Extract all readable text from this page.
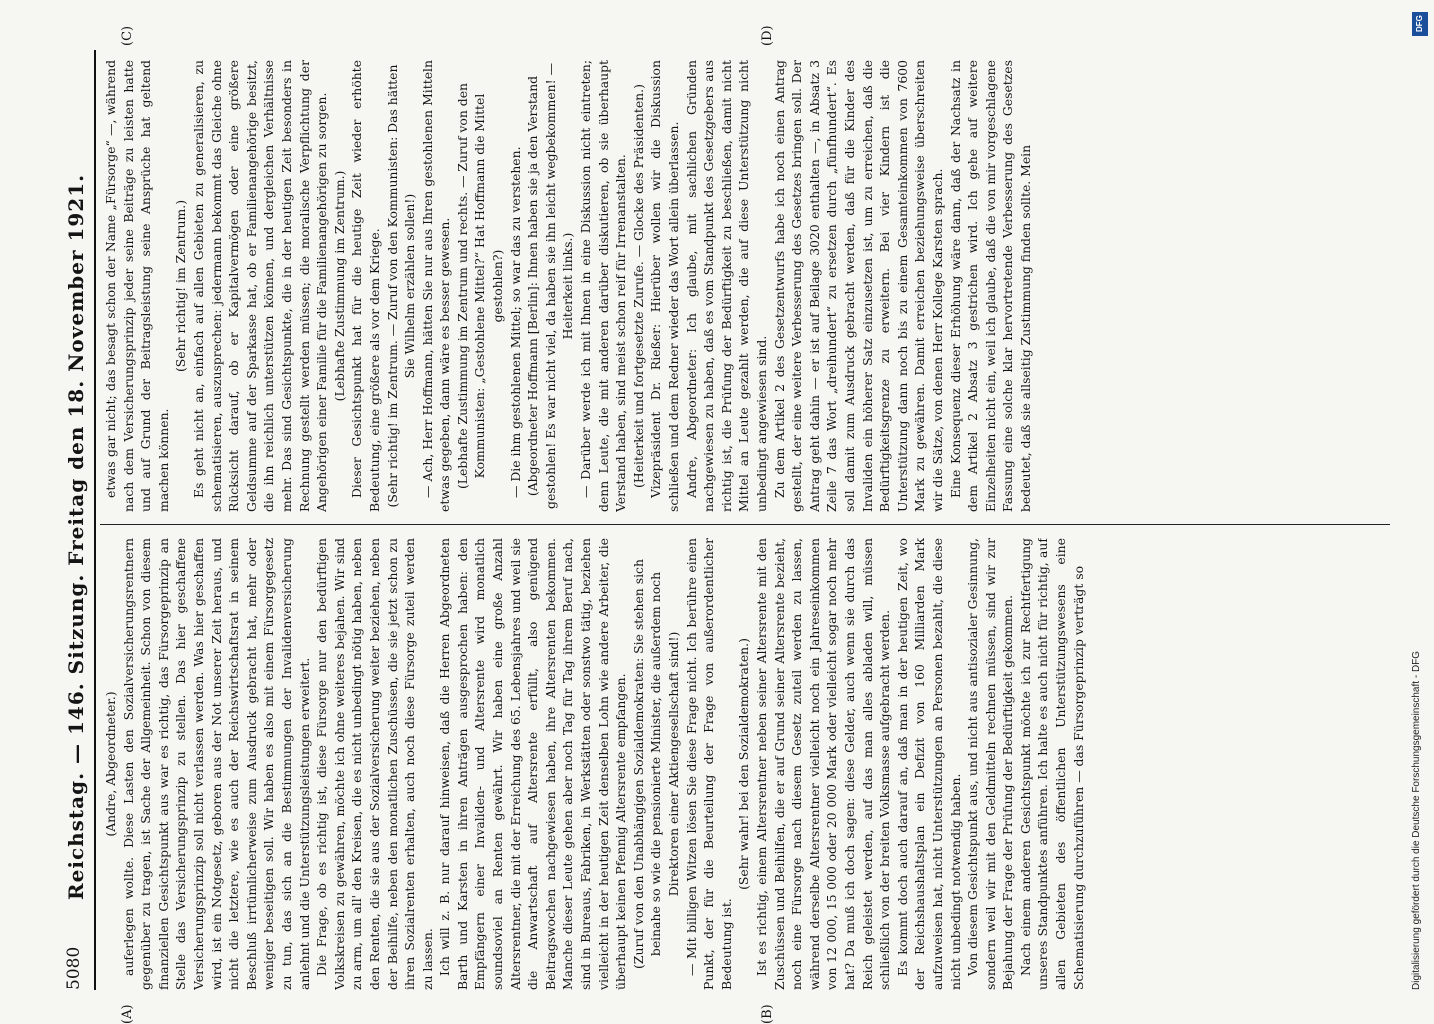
5080
Reichstag. — 146. Sitzung. Freitag den 18. November 1921. (Andre, Abgeordneter.) auferlegen wollte. Diese Lasten den Sozialversicherungsrentnern gegenüber zu tragen, ist Sache der Allgemeinheit. Schon von diesem finanziellen Gesichtspunkt aus war es richtig, das Fürsorgeprinzip an Stelle das Versicherungsprinzip zu stellen. Das hier geschaffene Versicherungsprinzip soll nicht verlassen werden. Was hier geschaffen wird, ist ein Notgesetz, geboren aus der Not unserer Zeit heraus, und nicht die letztere, wie es auch der Reichswirtschaftsrat in seinem Beschluß irrtümlicherweise zum Ausdruck gebracht hat, mehr oder weniger beseitigen soll. Wir haben es also mit einem Fürsorgegesetz zu tun, das sich an die Bestimmungen der Invalidenversicherung anlehnt und die Unterstützungsleistungen erweitert. Die Frage, ob es richtig ist, diese Fürsorge nur den bedürftigen Volkskreisen zu gewähren, möchte ich ohne weiteres bejahen. Wir sind zu arm, um all' den Kreisen, die es nicht unbedingt nötig haben, neben den Renten, die sie aus der Sozialversicherung weiter beziehen, neben der Beihilfe, neben den monatlichen Zuschüssen, die sie jetzt schon zu ihren Sozialrenten erhalten, auch noch diese Fürsorge zuteil werden zu lassen. Ich will z. B. nur darauf hinweisen, daß die Herren Abgeordneten Barth und Karsten in ihren Anträgen ausgesprochen haben: den Empfängern einer Invaliden- und Altersrente wird monatlich soundsoviel an Renten gewährt. Wir haben eine große Anzahl Altersrentner, die mit der Erreichung des 65. Lebensjahres und weil sie die Anwartschaft auf Altersrente erfüllt, also genügend Beitragswochen nachgewiesen haben, ihre Altersrenten bekommen. Manche dieser Leute gehen aber noch Tag für Tag ihrem Beruf nach, sind in Bureaus, Fabriken, in Werkstätten oder sonstwo tätig, beziehen vielleicht in der heutigen Zeit denselben Lohn wie andere Arbeiter, die überhaupt keinen Pfennig Altersrente empfangen. (Zuruf von den Unabhängigen Sozialdemokraten: Sie stehen sich beinahe so wie die pensionierte Minister, die außerdem noch Direktoren einer Aktiengesellschaft sind!) — Mit billigen Witzen lösen Sie diese Frage nicht. Ich berühre einen Punkt, der für die Beurteilung der Frage von außerordentlicher Bedeutung ist.

(Sehr wahr! bei den Sozialdemokraten.) Ist es richtig, einem Altersrentner neben seiner Altersrente mit den Zuschüssen und Beihilfen, die er auf Grund seiner Altersrente bezieht, noch eine Fürsorge nach diesem Gesetz zuteil werden zu lassen, während derselbe Altersrentner vielleicht noch ein Jahreseinkommen von 12 000, 15 000 oder 20 000 Mark oder vielleicht sogar noch mehr hat? Da muß ich doch sagen: diese Gelder, auch wenn sie durch das Reich geleistet werden, auf das man alles abladen will, müssen schließlich von der breiten Volksmasse aufgebracht werden. Es kommt doch auch darauf an, daß man in der heutigen Zeit, wo der Reichshaushaltsplan ein Defizit von 160 Milliarden Mark aufzuweisen hat, nicht Unterstützungen an Personen bezahlt, die diese nicht unbedingt notwendig haben. Von diesem Gesichtspunkt aus, und nicht aus antisozialer Gesinnung, sondern weil wir mit den Geldmitteln rechnen müssen, sind wir zur Bejahung der Frage der Prüfung der Bedürftigkeit gekommen. Nach einem anderen Gesichtspunkt möchte ich zur Rechtfertigung unseres Standpunktes anführen. Ich halte es auch nicht für richtig, auf allen Gebieten des öffentlichen Unterstützungswesens eine Schematisierung durchzuführen — das Fürsorgeprinzip verträgt so

etwas gar nicht; das besagt schon der Name „Fürsorge“ —, während nach dem Versicherungsprinzip jeder seine Beiträge zu leisten hatte und auf Grund der Beitragsleistung seine Ansprüche hat geltend machen können.

(Sehr richtig! im Zentrum.) Es geht nicht an, einfach auf allen Gebieten zu generalisieren, zu schematisieren, auszusprechen: jedermann bekommt das Gleiche ohne Rücksicht darauf, ob er Kapitalvermögen oder eine größere Geldsumme auf der Sparkasse hat, ob er Familienangehörige besitzt, die ihn reichlich unterstützen können, und dergleichen Verhältnisse mehr. Das sind Gesichtspunkte, die in der heutigen Zeit besonders in Rechnung gestellt werden müssen; die moralische Verpflichtung der Angehörigen einer Familie für die Familienangehörigen zu sorgen. (Lebhafte Zustimmung im Zentrum.) Dieser Gesichtspunkt hat für die heutige Zeit wieder erhöhte Bedeutung, eine größere als vor dem Kriege. (Sehr richtig! im Zentrum. — Zuruf von den Kommunisten: Das hätten Sie Wilhelm erzählen sollen!) — Ach, Herr Hoffmann, hätten Sie nur aus Ihren gestohlenen Mitteln etwas gegeben, dann wäre es besser gewesen. (Lebhafte Zustimmung im Zentrum und rechts. — Zuruf von den Kommunisten: „Gestohlene Mittel?“ Hat Hoffmann die Mittel gestohlen?) — Die ihm gestohlenen Mittel; so war das zu verstehen. (Abgeordneter Hoffmann [Berlin]: Ihnen haben sie ja den Verstand gestohlen! Es war nicht viel, da haben sie ihn leicht wegbekommen! — Heiterkeit links.) — Darüber werde ich mit Ihnen in eine Diskussion nicht eintreten; denn Leute, die mit anderen darüber diskutieren, ob sie überhaupt Verstand haben, sind meist schon reif für Irrenanstalten. (Heiterkeit und fortgesetzte Zurufe. — Glocke des Präsidenten.) Vizepräsident Dr. Rießer: Hierüber wollen wir die Diskussion schließen und dem Redner wieder das Wort allein überlassen. Andre, Abgeordneter: Ich glaube, mit sachlichen Gründen nachgewiesen zu haben, daß es vom Standpunkt des Gesetzgebers aus richtig ist, die Prüfung der Bedürftigkeit zu beschließen, damit nicht Mittel an Leute gezahlt werden, die auf diese Unterstützung nicht unbedingt angewiesen sind. Zu dem Artikel 2 des Gesetzentwurfs habe ich noch einen Antrag gestellt, der eine weitere Verbesserung des Gesetzes bringen soll. Der Antrag geht dahin — er ist auf Beilage 3020 enthalten —, in Absatz 3 Zeile 7 das Wort „dreihundert“ zu ersetzen durch „fünfhundert“. Es soll damit zum Ausdruck gebracht werden, daß für die Kinder des Invaliden ein höherer Satz einzusetzen ist, um zu erreichen, daß die Bedürftigkeitsgrenze zu erweitern. Bei vier Kindern ist die Unterstützung dann noch bis zu einem Gesamteinkommen von 7600 Mark zu gewähren. Damit erreichen beziehungsweise überschreiten wir die Sätze, von denen Herr Kollege Karsten sprach. Eine Konsequenz dieser Erhöhung wäre dann, daß der Nachsatz in dem Artikel 2 Absatz 3 gestrichen wird. Ich gehe auf weitere Einzelheiten nicht ein, weil ich glaube, daß die von mir vorgeschlagene Fassung eine solche klar hervortretende Verbesserung des Gesetzes bedeutet, daß sie allseitig Zustimmung finden sollte. Mein

(A)	(B)
(C)	(D)
Digitalisierung gefördert durch die Deutsche Forschungsgemeinschaft - DFG
DFG
